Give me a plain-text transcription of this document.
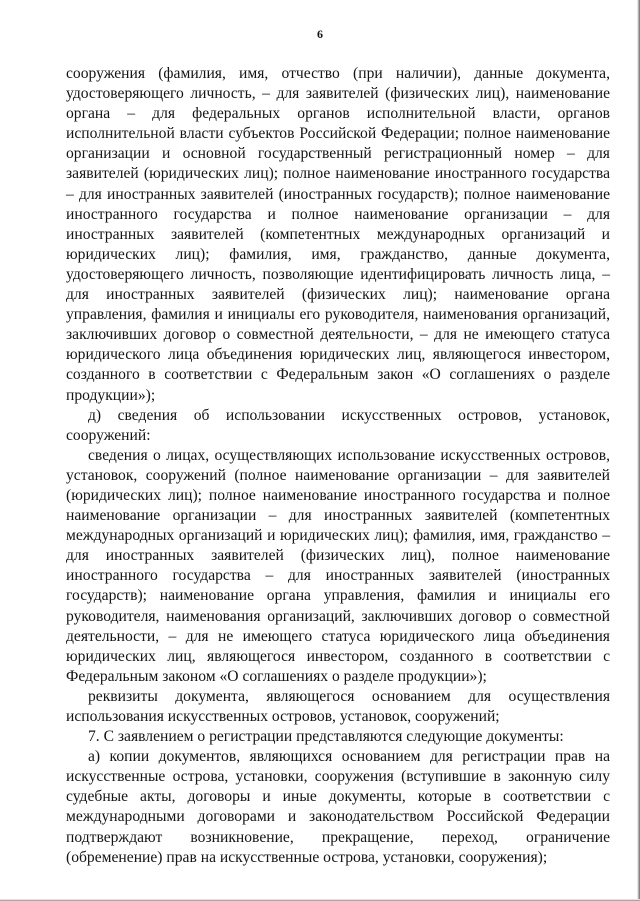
6

сооружения (фамилия, имя, отчество (при наличии), данные документа, удостоверяющего личность, – для заявителей (физических лиц), наименование органа – для федеральных органов исполнительной власти, органов исполнительной власти субъектов Российской Федерации; полное наименование организации и основной государственный регистрационный номер – для заявителей (юридических лиц); полное наименование иностранного государства – для иностранных заявителей (иностранных государств); полное наименование иностранного государства и полное наименование организации – для иностранных заявителей (компетентных международных организаций и юридических лиц); фамилия, имя, гражданство, данные документа, удостоверяющего личность, позволяющие идентифицировать личность лица, – для иностранных заявителей (физических лиц); наименование органа управления, фамилия и инициалы его руководителя, наименования организаций, заключивших договор о совместной деятельности, – для не имеющего статуса юридического лица объединения юридических лиц, являющегося инвестором, созданного в соответствии с Федеральным закон «О соглашениях о разделе продукции»);

д) сведения об использовании искусственных островов, установок, сооружений:

сведения о лицах, осуществляющих использование искусственных островов, установок, сооружений (полное наименование организации – для заявителей (юридических лиц); полное наименование иностранного государства и полное наименование организации – для иностранных заявителей (компетентных международных организаций и юридических лиц); фамилия, имя, гражданство – для иностранных заявителей (физических лиц), полное наименование иностранного государства – для иностранных заявителей (иностранных государств); наименование органа управления, фамилия и инициалы его руководителя, наименования организаций, заключивших договор о совместной деятельности, – для не имеющего статуса юридического лица объединения юридических лиц, являющегося инвестором, созданного в соответствии с Федеральным законом «О соглашениях о разделе продукции»);

реквизиты документа, являющегося основанием для осуществления использования искусственных островов, установок, сооружений;

7. С заявлением о регистрации представляются следующие документы:

а) копии документов, являющихся основанием для регистрации прав на искусственные острова, установки, сооружения (вступившие в законную силу судебные акты, договоры и иные документы, которые в соответствии с международными договорами и законодательством Российской Федерации подтверждают возникновение, прекращение, переход, ограничение (обременение) прав на искусственные острова, установки, сооружения);
